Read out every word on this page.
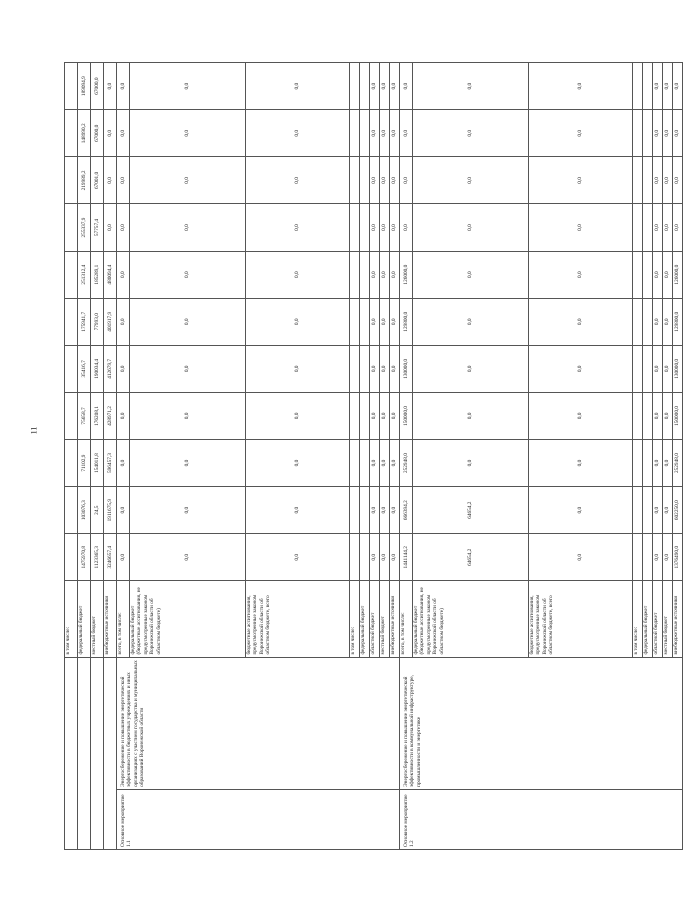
11
		в том числе:											
		федеральный бюджет	1475970,8	103076,3	71102,9	75658,7	35416,7	175941,7	251312,4	255337,9	219989,2	148990,2	189094,9
		местный бюджет	1123365,3	24,5	154011,8	176208,1	190034,4	77993,0	185289,1	57757,4	67001,0	67000,0	67000,0
		внебюджетные источники	3246657,4	1911675,9	596457,3	428971,2	412679,7	401917,9	480094,4	0,0	0,0	0,0	0,0
Основное мероприятие 1.1	Энергосбережение и повышение энергетической эффективности в бюджетных учреждениях и иных организациях с участием государства и муниципальных образований Воронежской области	всего, в том числе:	0,0	0,0	0,0	0,0	0,0	0,0	0,0	0,0	0,0	0,0	0,0
		федеральный бюджет (бюджетные ассигнования, не предусмотренные законом Воронежской области об областном бюджете)	0,0	0,0	0,0	0,0	0,0	0,0	0,0	0,0	0,0	0,0	0,0
		бюджетные ассигнования, предусмотренные законом Воронежской области об областном бюджете, всего	0,0	0,0	0,0	0,0	0,0	0,0	0,0	0,0	0,0	0,0	0,0
		в том числе:											
		федеральный бюджет											
		областной бюджет	0,0	0,0	0,0	0,0	0,0	0,0	0,0	0,0	0,0	0,0	0,0
		местный бюджет	0,0	0,0	0,0	0,0	0,0	0,0	0,0	0,0	0,0	0,0	0,0
		внебюджетные источники	0,0	0,0	0,0	0,0	0,0	0,0	0,0	0,0	0,0	0,0	0,0
Основное мероприятие 1.2	Энергосбережение и повышение энергетической эффективности в коммунальной инфраструктуре, промышленности и энергетике	всего, в том числе:	1441144,2	666394,2	252948,0	150000,0	130000,0	129800,0	126000,0	0,0	0,0	0,0	0,0
		федеральный бюджет (бюджетные ассигнования, не предусмотренные законом Воронежской области об областном бюджете)	64654,2	64654,2	0,0	0,0	0,0	0,0	0,0	0,0	0,0	0,0	0,0
		бюджетные ассигнования, предусмотренные законом Воронежской области об областном бюджете, всего	0,0	0,0	0,0	0,0	0,0	0,0	0,0	0,0	0,0	0,0	0,0
		в том числе:											
		федеральный бюджет											
		областной бюджет	0,0	0,0	0,0	0,0	0,0	0,0	0,0	0,0	0,0	0,0	0,0
		местный бюджет	0,0	0,0	0,0	0,0	0,0	0,0	0,0	0,0	0,0	0,0	0,0
		внебюджетные источники	1376490,0	602250,0	252948,0	150000,0	130000,0	129800,0	126000,0	0,0	0,0	0,0	0,0
